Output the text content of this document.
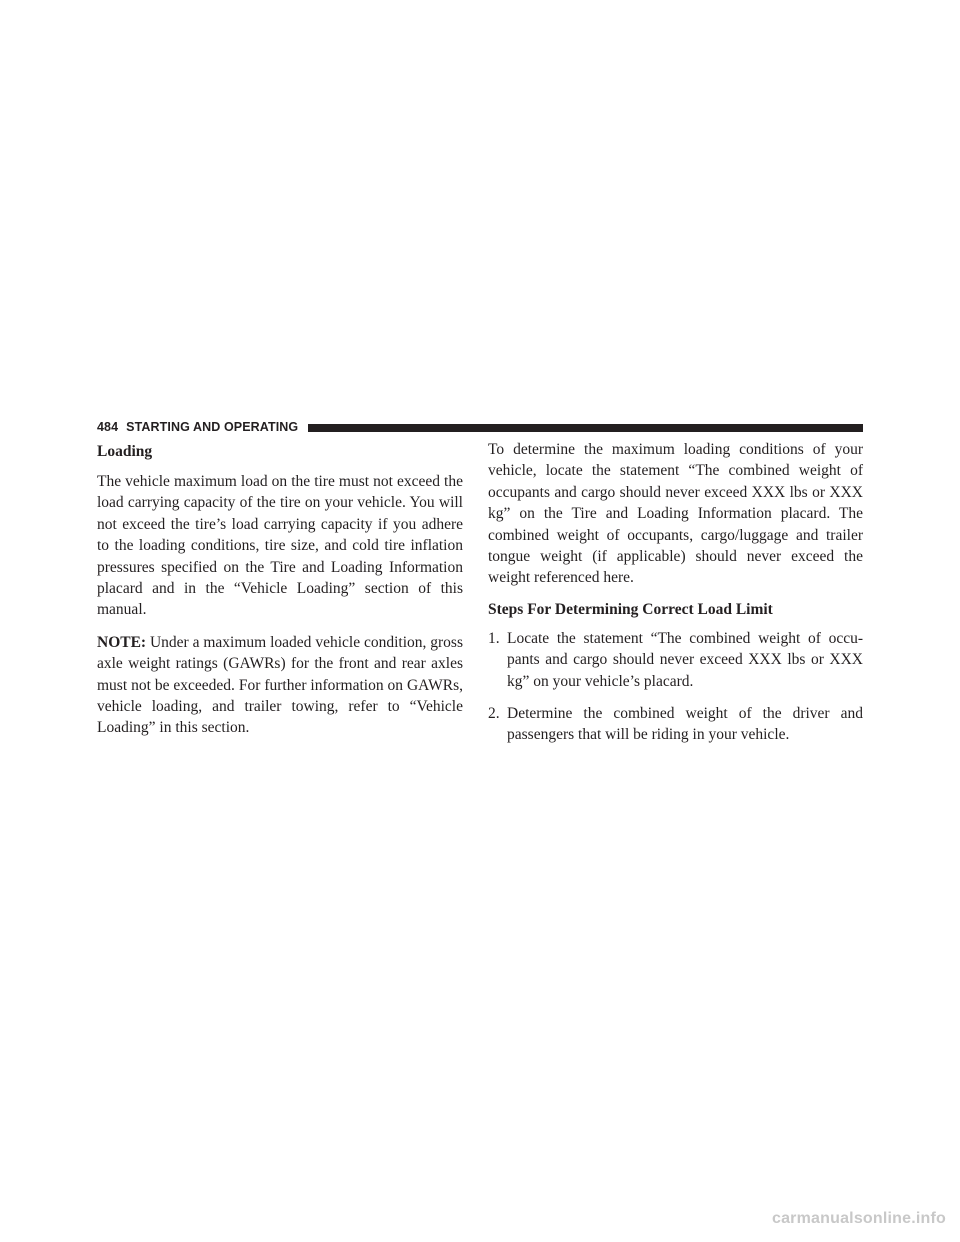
484 STARTING AND OPERATING
Loading

The vehicle maximum load on the tire must not exceed the load carrying capacity of the tire on your vehicle. You will not exceed the tire’s load carrying capacity if you adhere to the loading conditions, tire size, and cold tire inflation pressures specified on the Tire and Loading Information placard and in the “Vehicle Loading” section of this manual.

NOTE: Under a maximum loaded vehicle condition, gross axle weight ratings (GAWRs) for the front and rear axles must not be exceeded. For further information on GAWRs, vehicle loading, and trailer towing, refer to “Vehicle Loading” in this section.

To determine the maximum loading conditions of your vehicle, locate the statement “The combined weight of occupants and cargo should never exceed XXX lbs or XXX kg” on the Tire and Loading Information placard. The combined weight of occupants, cargo/luggage and trailer tongue weight (if applicable) should never exceed the weight referenced here.

Steps For Determining Correct Load Limit
1. Locate the statement “The combined weight of occu-pants and cargo should never exceed XXX lbs or XXX kg” on your vehicle’s placard.
2. Determine the combined weight of the driver and passengers that will be riding in your vehicle.
carmanualsonline.info
